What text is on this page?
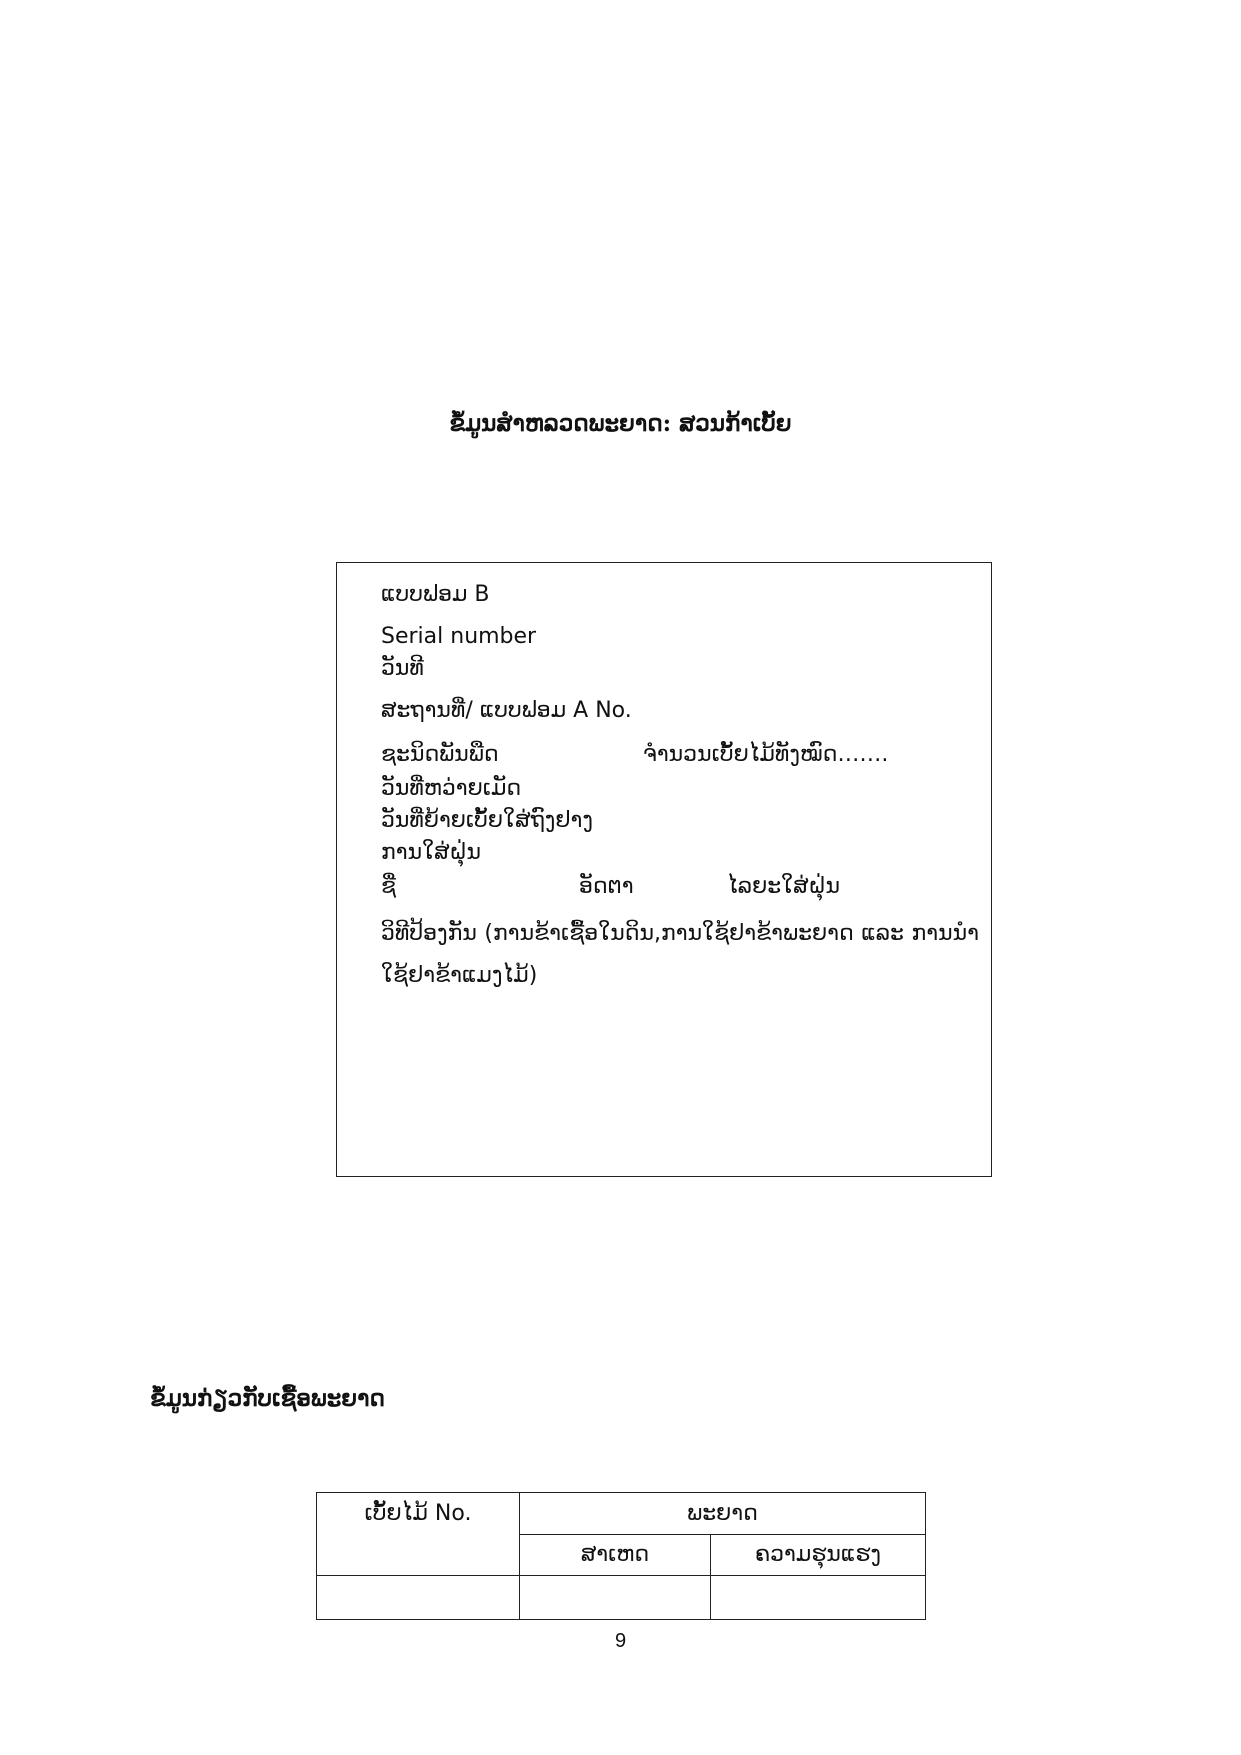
ຂໍ້ມູນສໍາຫລວດພະຍາດ: ສວນກ້າເບັ້ຍ
ແບບຟອມ B
Serial number
ວັນທີ
ສະຖານທີ່/ ແບບຟອມ A No.
ຊະນິດພັນພືດ	ຈໍານວນເບັ້ຍໄມ້ທັງໝົດ…….
ວັນທີ່ຫວ່າຍເມັດ
ວັນທີ່ຍ້າຍເບັ້ຍໃສ່ຖົງຢາງ
ການໃສ່ຝຸ່ນ
ຊື່	ອັດຕາ	ໄລຍະໃສ່ຝຸ່ນ
ວິທີປ້ອງກັນ (ການຂ້າເຊື້ອໃນດິນ,ການໃຊ້ຢາຂ້າພະຍາດ ແລະ ການນໍາໃຊ້ຢາຂ້າແມງໄມ້)
ຂໍ້ມູນກ່ຽວກັບເຊື້ອພະຍາດ
ເບັ້ຍໄມ້ No.	ພະຍາດ	
	ສາເຫດ	ຄວາມຮຸນແຮງ

9
